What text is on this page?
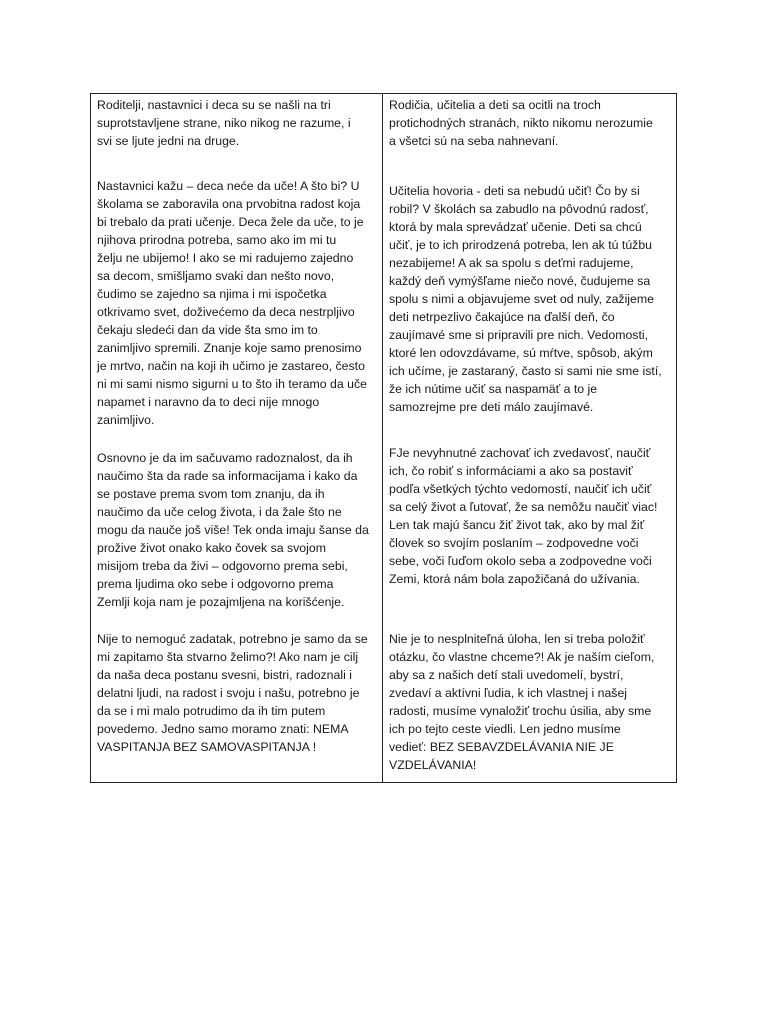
Roditelji, nastavnici i deca su se našli na tri
suprotstavljene strane, niko nikog ne razume, i
svi se ljute jedni na druge.

Nastavnici kažu – deca neće da uče! A što bi? U
školama se zaboravila ona prvobitna radost koja
bi trebalo da prati učenje. Deca žele da uče, to je
njihova prirodna potreba, samo ako im mi tu
želju ne ubijemo! I ako se mi radujemo zajedno
sa decom, smišljamo svaki dan nešto novo,
čudimo se zajedno sa njima i mi ispočetka
otkrivamo svet, doživećemo da deca nestrpljivo
čekaju sledeći dan da vide šta smo im to
zanimljivo spremili. Znanje koje samo prenosimo
je mrtvo, način na koji ih učimo je zastareo, često
ni mi sami nismo sigurni u to što ih teramo da uče
napamet i naravno da to deci nije mnogo
zanimljivo.

Osnovno je da im sačuvamo radoznalost, da ih
naučimo šta da rade sa informacijama i kako da
se postave prema svom tom znanju, da ih
naučimo da uče celog života, i da žale što ne
mogu da nauče još više! Tek onda imaju šanse da
proživе život onako kako čovek sa svojom
misijom treba da živi – odgovorno prema sebi,
prema ljudima oko sebe i odgovorno prema
Zemlji koja nam je pozajmljena na korišćenje.

Nije to nemoguć zadatak, potrebno je samo da se
mi zapitamo šta stvarno želimo?! Ako nam je cilj
da naša deca postanu svesni, bistri, radoznali i
delatni ljudi, na radost i svoju i našu, potrebno je
da se i mi malo potrudimo da ih tim putem
povedemo. Jedno samo moramo znati: NEMA
VASPITANJA BEZ SAMOVASPITANJA !

Rodičia, učitelia a deti sa ocitli na troch
protichodných stranách, nikto nikomu nerozumie
a všetci sú na seba nahnevaní.

Učitelia hovoria - deti sa nebudú učiť! Čo by si
robil? V školách sa zabudlo na pôvodnú radosť,
ktorá by mala sprevádzať učenie. Deti sa chcú
učiť, je to ich prirodzená potreba, len ak tú túžbu
nezabijeme! A ak sa spolu s deťmi radujeme,
každý deň vymýšľame niečo nové, čudujeme sa
spolu s nimi a objavujeme svet od nuly, zažijeme
deti netrpezlivo čakajúce na ďalší deň, čo
zaujímavé sme si pripravili pre nich. Vedomosti,
ktoré len odovzdávame, sú mŕtve, spôsob, akým
ich učíme, je zastaraný, často si sami nie sme istí,
že ich nútime učiť sa naspamäť a to je
samozrejme pre deti málo zaujímavé.

FJe nevyhnutné zachovať ich zvedavosť, naučiť
ich, čo robiť s informáciami a ako sa postaviť
podľa všetkých týchto vedomostí, naučiť ich učiť
sa celý život a ľutovať, že sa nemôžu naučiť viac!
Len tak majú šancu žiť život tak, ako by mal žiť
človek so svojím poslaním – zodpovedne voči
sebe, voči ľuďom okolo seba a zodpovedne voči
Zemi, ktorá nám bola zapožičaná do užívania.

Nie je to nesplniteľná úloha, len si treba položiť
otázku, čo vlastne chceme?! Ak je naším cieľom,
aby sa z našich detí stali uvedomelí, bystrí,
zvedaví a aktívni ľudia, k ich vlastnej i našej
radosti, musíme vynaložiť trochu úsilia, aby sme
ich po tejto ceste viedli. Len jedno musíme
vedieť: BEZ SEBAVZDELÁVANIA NIE JE
VZDELÁVANIA!
